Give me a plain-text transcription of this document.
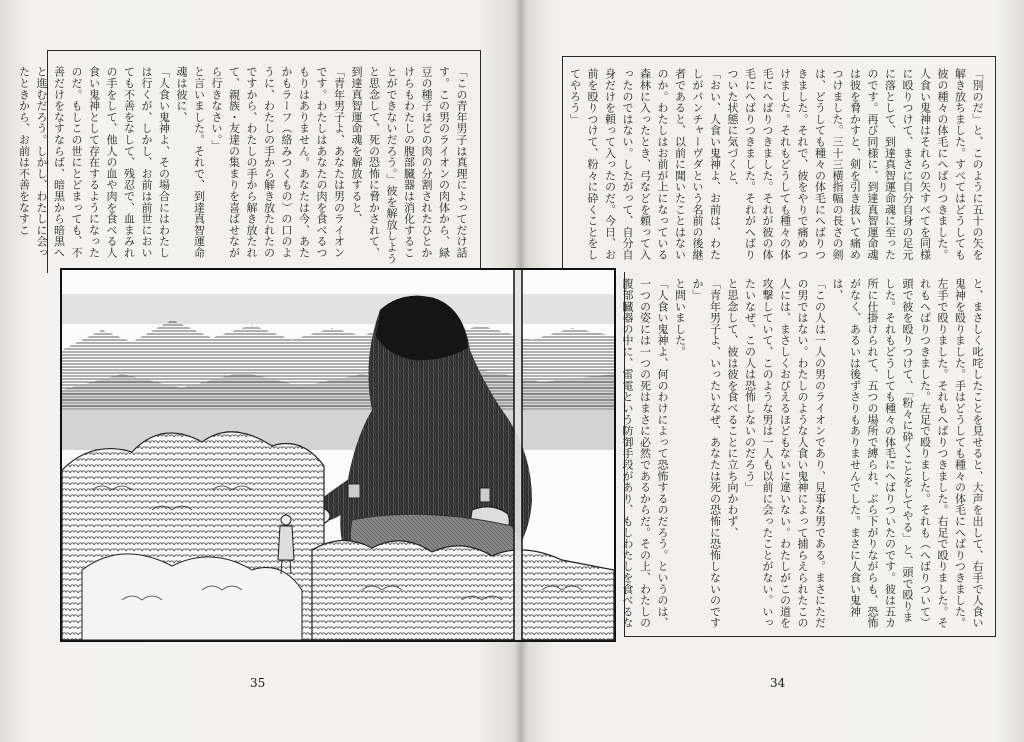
「この青年男子は真理によってだけ話す。この男のライオンの肉体から、緑豆の種子ほどの肉の分割されたひとかけらもわたしの腹部臓器は消化することができないだろう。」彼を解放しようと思念して、死の恐怖に脅かされて、到達真智運命魂を解放すると、
「青年男子よ、あなたは男のライオンです。わたしはあなたの肉を食べるつもりはありません。あなたは今、あたかもラーフ（絡みつくもの）の口のように、わたしの手から解き放たれたのですから、わたしの手から解き放たれて、親族・友達の集まりを喜ばせながら行きなさい。」
と言いました。それで、到達真智運命魂は彼に、
「人食い鬼神よ、その場合にはわたしは行くが、しかし、お前は前世においても不善をなして、残忍で、血まみれの手をして、他人の血や肉を食べる人食い鬼神として存在するようになったのだ。もしこの世にとどまっても、不善だけをなすならば、暗黒から暗黒へと進むだろう。しかし、わたしに会ったときから、お前は不善をなすこ	「別のだ」と、このように五十の矢を解き放ちました。すべてはどうしても彼の種々の体毛にへばりつきました。
人食い鬼神はそれらの矢すべてを同様に殴りつけて、まさに自分自身の足元に落として、到達真智運命魂に至ったのです。再び同様に、到達真智運命魂は彼を脅かすと、剣を引き抜いて痛めつけました。三十三横指幅の長さの剣は、どうしても種々の体毛にへばりつきました。それで、彼をやりで痛めつけました。それもどうしても種々の体毛にへばりつきました。それが彼の体毛にへばりつきました。それがへばりついた状態に気づくと、
「おい、人食い鬼神よ、お前は、わたしがパンチャーヴダという名前の後継者であると、以前に聞いたことはないのか。わたしはお前が上になっている森林に入ったとき、弓などを頼って入ったのではない。したがって、自分自身だけを頼って入ったのだ。今日、お前を殴りつけて、粉々に砕くことをしてやろう」
と、まさしく叱咤したことを見せると、大声を出して、右手で人食い鬼神を殴りました。手はどうしても種々の体毛にへばりつきました。左手で殴りました。それもへばりつきました。右足で殴りました。それもへばりつきました。左足で殴りました。それも（へばりついて）頭で彼を殴りつけて、「粉々に砕くことをしてやる」と、頭で殴りました。それもどうしても種々の体毛にへばりついたのです。彼は五カ所に仕掛けられて、五つの場所で縛られ、ぶら下がりながらも、恐怖がなく、あるいは後ずさりもありませんでした。まさに人食い鬼神は、
「この人は一人の男のライオンであり、見事な男である。まさにただの男ではない。わたしのような人食い鬼神によって捕らえられたこの人には、まさしくおびえるほどもないに違いない。わたしがこの道を攻撃していて、このような男は一人も以前に会ったことがない。いったいなぜ、この人は恐怖しないのだろう」
と思念して、彼は彼を食べることに立ち向かわず、
「青年男子よ、いったいなぜ、あなたは死の恐怖に恐怖しないのですか」
と問いました。
「人食い鬼神よ、何のわけによって恐怖するのだろう。というのは、一つの姿には一つの死はまさに必然であるからだ。その上、わたしの腹部臓器の中に、雷電という防御手段があり、もしわたしを食べるな
35	34
